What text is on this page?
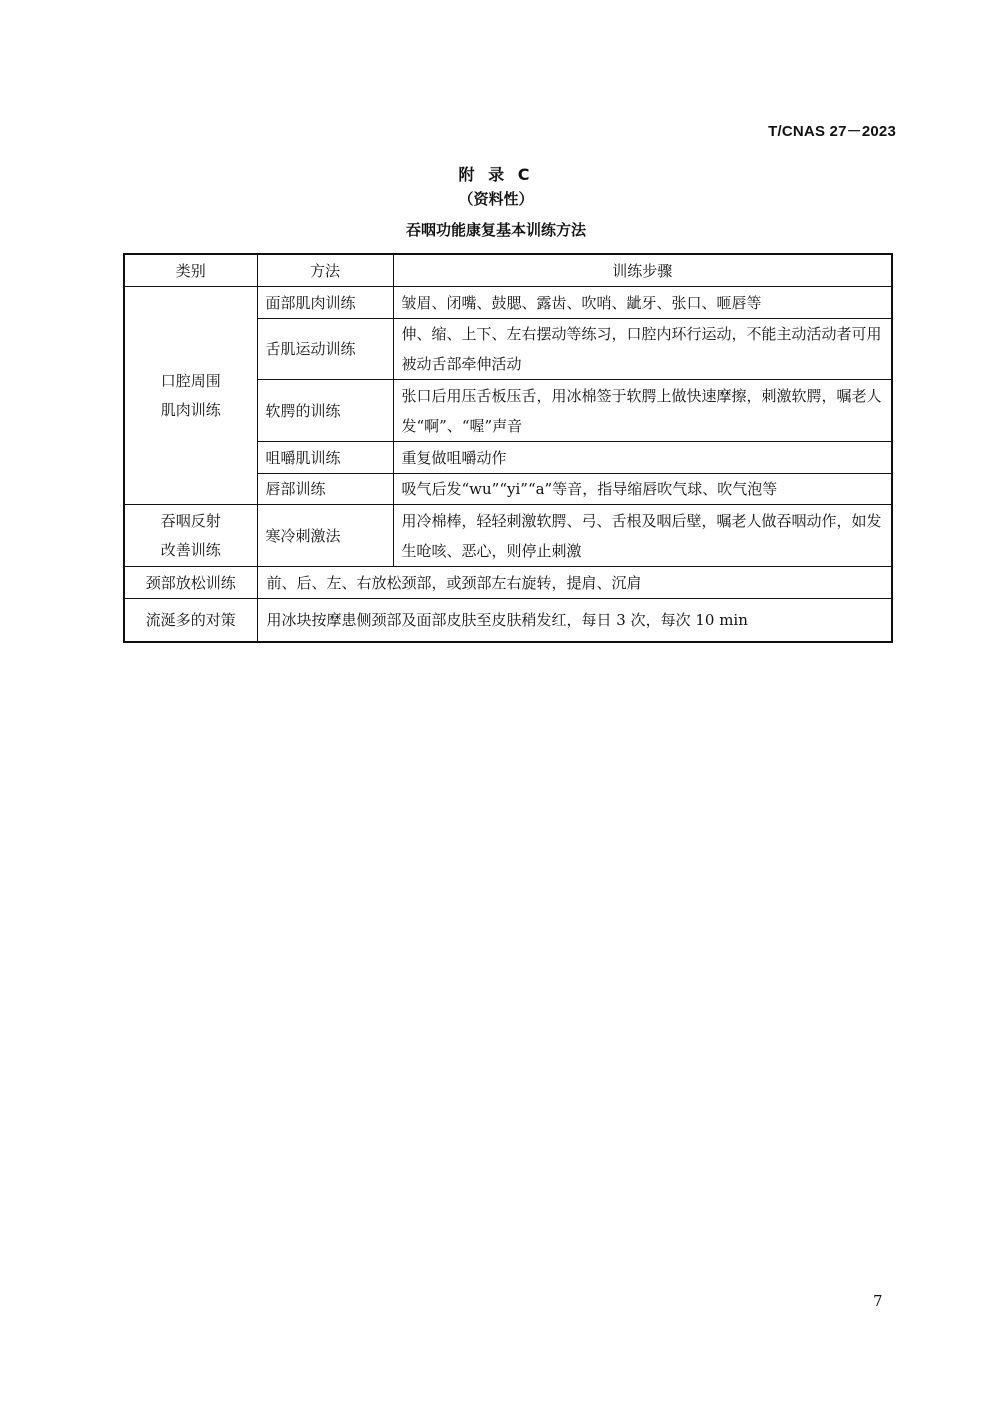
T/CNAS 27－2023
附 录 C
（资料性）
吞咽功能康复基本训练方法
类别	方法	训练步骤

口腔周围
肌肉训练	面部肌肉训练	皱眉、闭嘴、鼓腮、露齿、吹哨、龇牙、张口、咂唇等
	舌肌运动训练	伸、缩、上下、左右摆动等练习，口腔内环行运动，不能主动活动者可用被动舌部牵伸活动
	软腭的训练	张口后用压舌板压舌，用冰棉签于软腭上做快速摩擦，刺激软腭，嘱老人发“啊”、“喔”声音
	咀嚼肌训练	重复做咀嚼动作
	唇部训练	吸气后发“wu”“yi”“a”等音，指导缩唇吹气球、吹气泡等

吞咽反射
改善训练	寒冷刺激法	用冷棉棒，轻轻刺激软腭、弓、舌根及咽后壁，嘱老人做吞咽动作，如发生呛咳、恶心，则停止刺激
颈部放松训练	前、后、左、右放松颈部，或颈部左右旋转，提肩、沉肩	
流涎多的对策	用冰块按摩患侧颈部及面部皮肤至皮肤稍发红，每日 3 次，每次 10 min	
7
